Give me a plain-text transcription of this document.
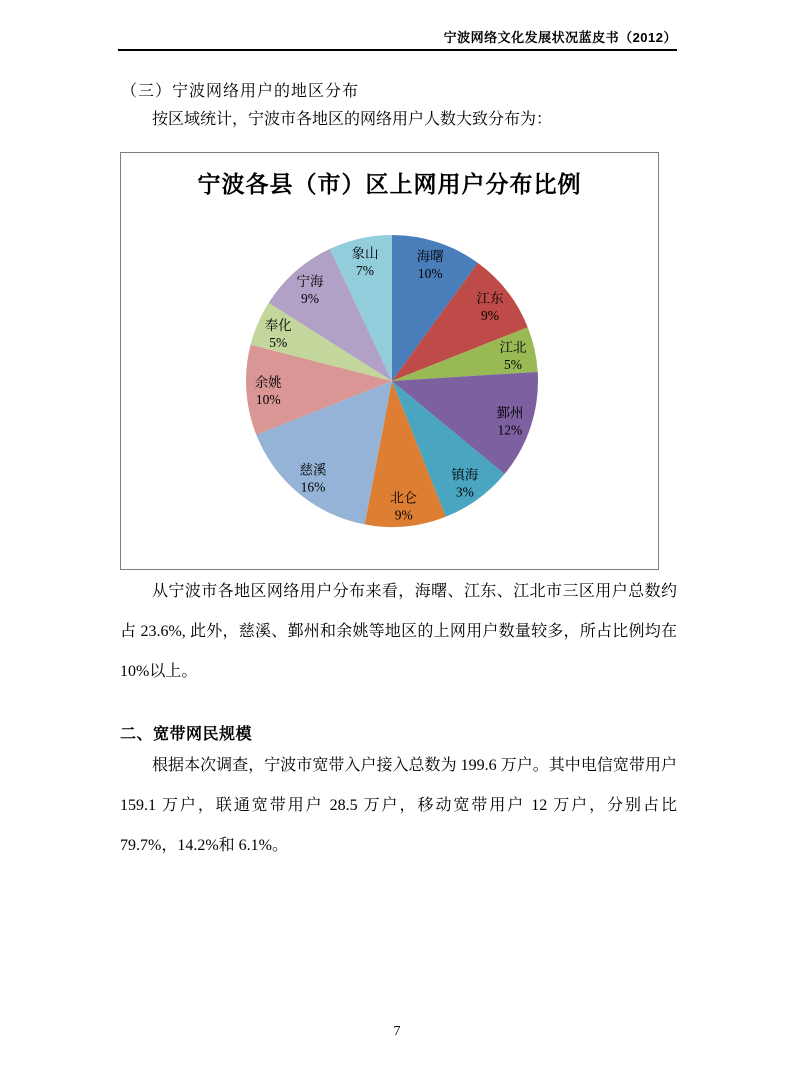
宁波网络文化发展状况蓝皮书（2012）
（三）宁波网络用户的地区分布

按区域统计，宁波市各地区的网络用户人数大致分布为：

海曙
10%
江东
9%
江北
5%
鄞州
12%
镇海
3%
北仑
9%
慈溪
16%
余姚
10%
奉化
5%
宁海
9%
象山
7%
宁波各县（市）区上网用户分布比例

从宁波市各地区网络用户分布来看，海曙、江东、江北市三区用户总数约占 23.6%, 此外，慈溪、鄞州和余姚等地区的上网用户数量较多，所占比例均在 10%以上。

二、宽带网民规模

根据本次调查，宁波市宽带入户接入总数为 199.6 万户。其中电信宽带用户 159.1 万户，联通宽带用户 28.5 万户，移动宽带用户 12 万户，分别占比 79.7%，14.2%和 6.1%。

7
